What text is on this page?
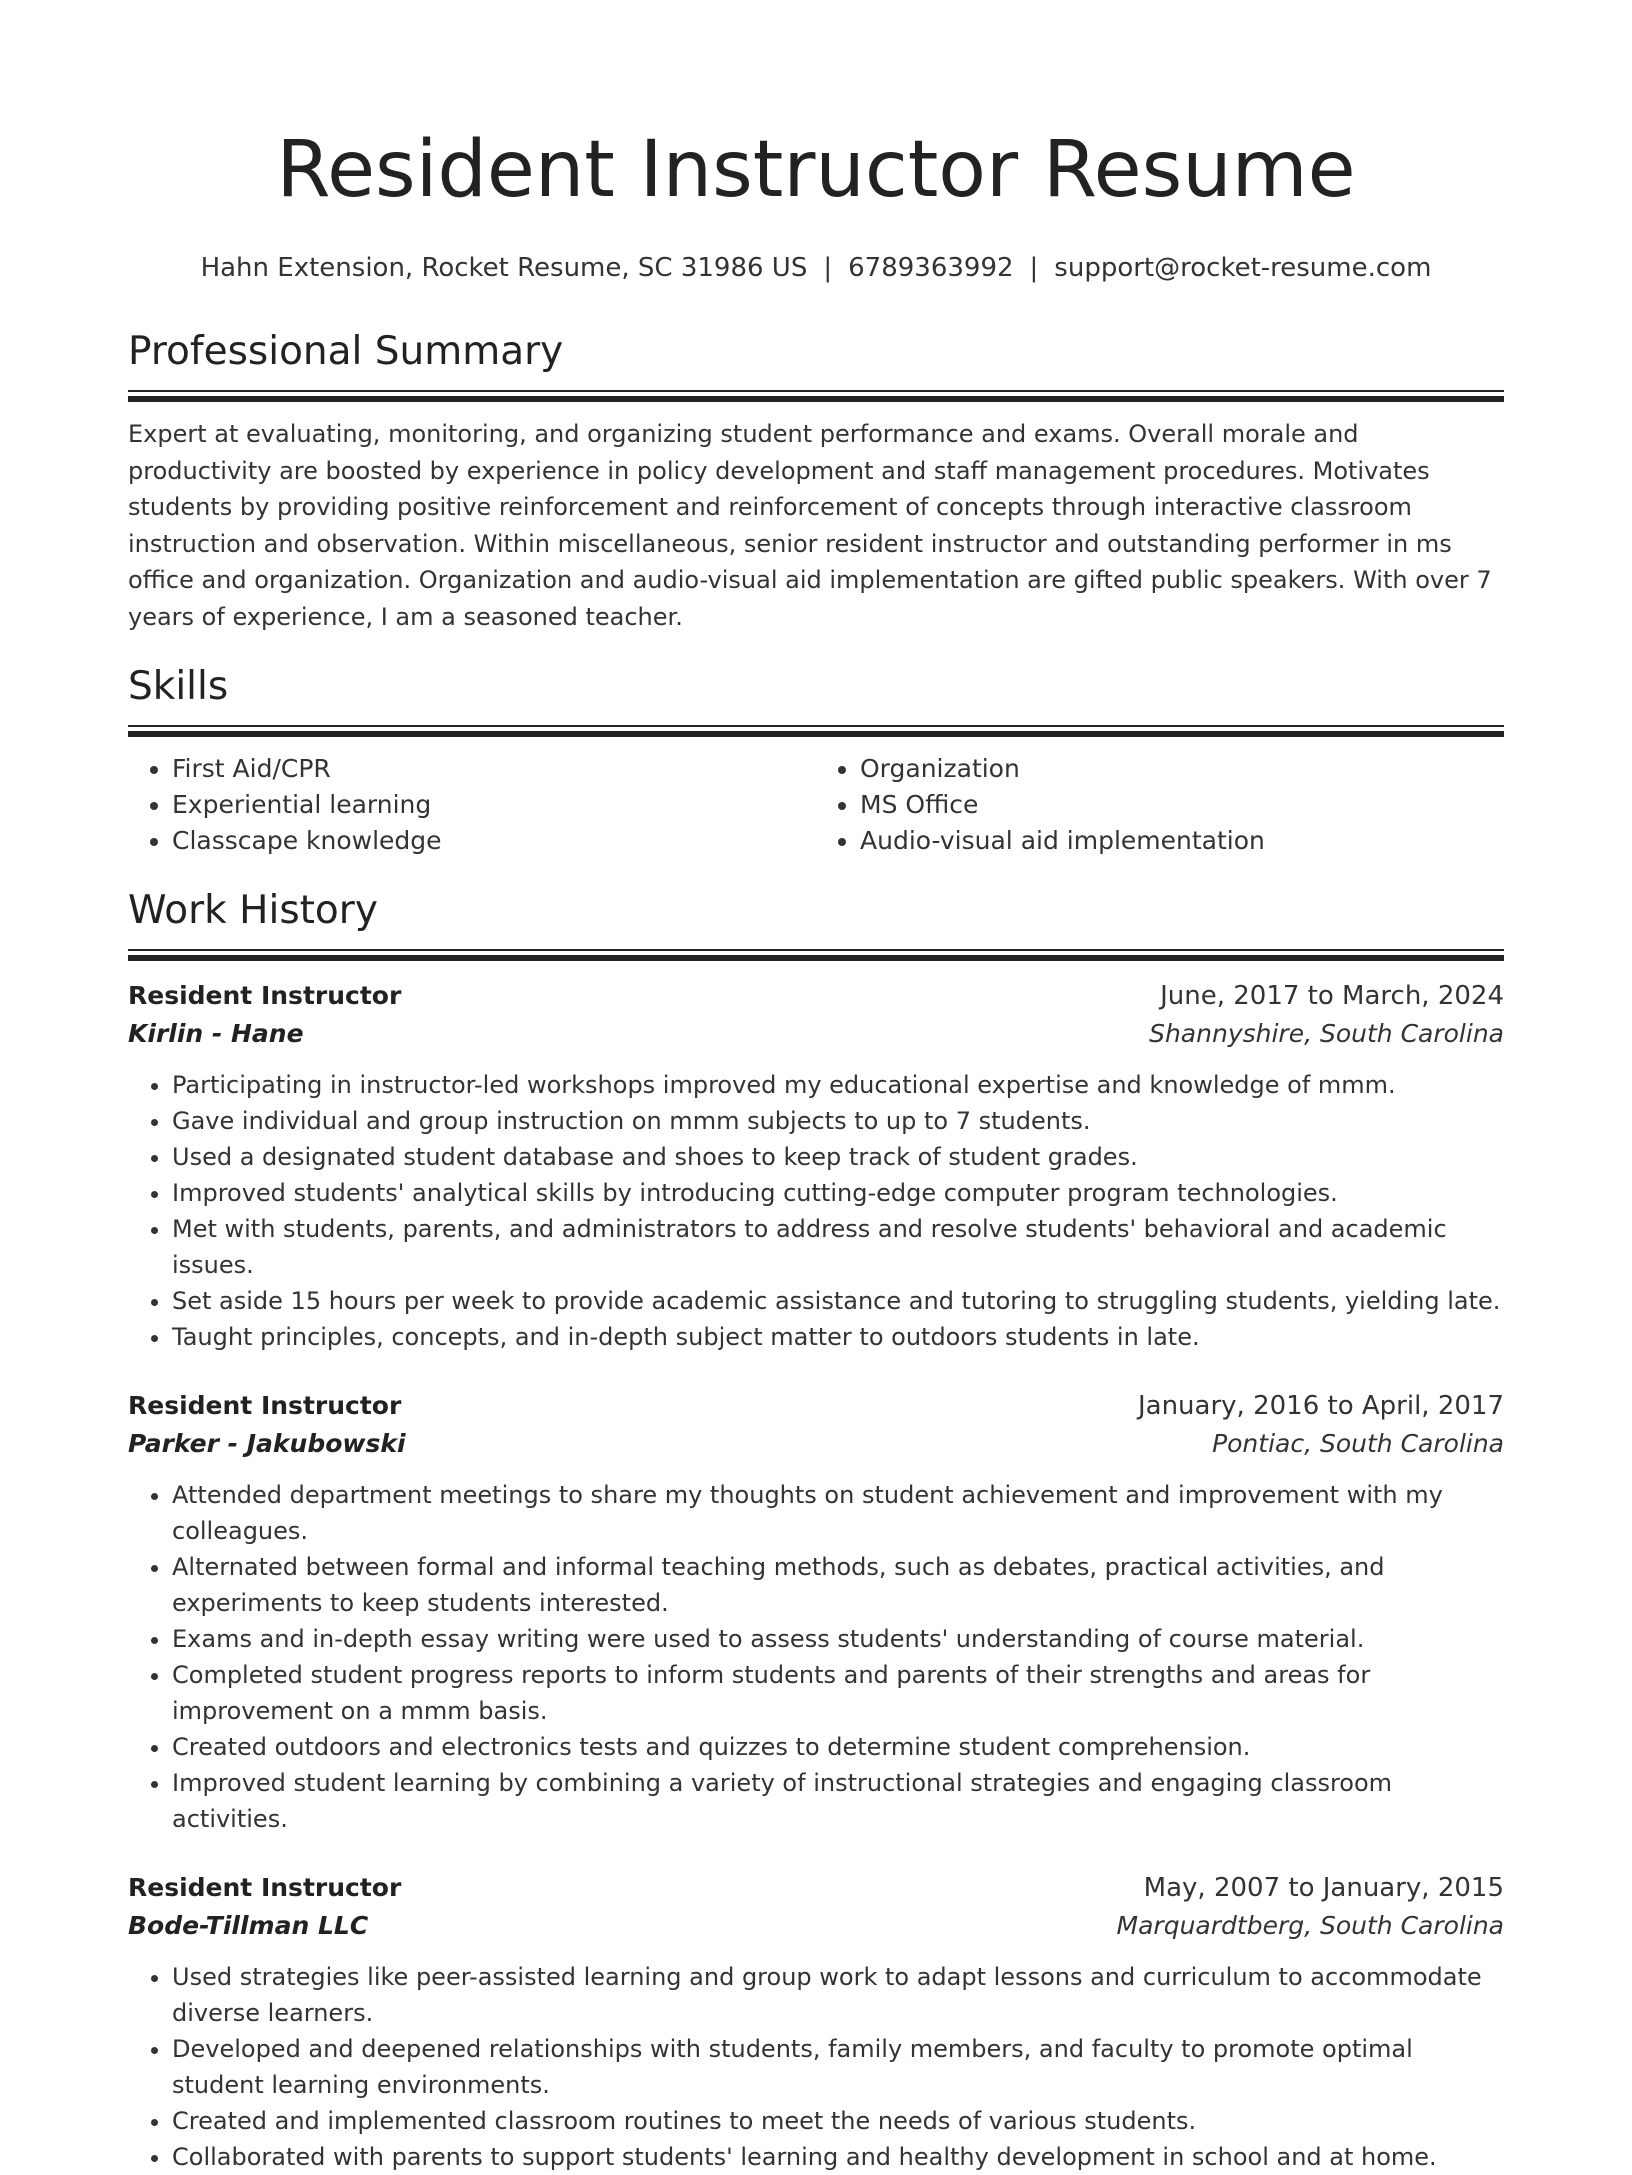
Resident Instructor Resume
Hahn Extension, Rocket Resume, SC 31986 US | 6789363992 | support@rocket-resume.com
Professional Summary

Expert at evaluating, monitoring, and organizing student performance and exams. Overall morale and productivity are boosted by experience in policy development and staff management procedures. Motivates students by providing positive reinforcement and reinforcement of concepts through interactive classroom instruction and observation. Within miscellaneous, senior resident instructor and outstanding performer in ms office and organization. Organization and audio-visual aid implementation are gifted public speakers. With over 7 years of experience, I am a seasoned teacher.

Skills
• First Aid/CPR
• Experiential learning
• Classcape knowledge
• Organization
• MS Office
• Audio-visual aid implementation
Work History
Resident Instructor	June, 2017 to March, 2024
Kirlin - Hane	Shannyshire, South Carolina
• Participating in instructor-led workshops improved my educational expertise and knowledge of mmm.
• Gave individual and group instruction on mmm subjects to up to 7 students.
• Used a designated student database and shoes to keep track of student grades.
• Improved students' analytical skills by introducing cutting-edge computer program technologies.
• Met with students, parents, and administrators to address and resolve students' behavioral and academic issues.
• Set aside 15 hours per week to provide academic assistance and tutoring to struggling students, yielding late.
• Taught principles, concepts, and in-depth subject matter to outdoors students in late.
Resident Instructor	January, 2016 to April, 2017
Parker - Jakubowski	Pontiac, South Carolina
• Attended department meetings to share my thoughts on student achievement and improvement with my colleagues.
• Alternated between formal and informal teaching methods, such as debates, practical activities, and experiments to keep students interested.
• Exams and in-depth essay writing were used to assess students' understanding of course material.
• Completed student progress reports to inform students and parents of their strengths and areas for improvement on a mmm basis.
• Created outdoors and electronics tests and quizzes to determine student comprehension.
• Improved student learning by combining a variety of instructional strategies and engaging classroom activities.
Resident Instructor	May, 2007 to January, 2015
Bode-Tillman LLC	Marquardtberg, South Carolina
• Used strategies like peer-assisted learning and group work to adapt lessons and curriculum to accommodate diverse learners.
• Developed and deepened relationships with students, family members, and faculty to promote optimal student learning environments.
• Created and implemented classroom routines to meet the needs of various students.
• Collaborated with parents to support students' learning and healthy development in school and at home.
